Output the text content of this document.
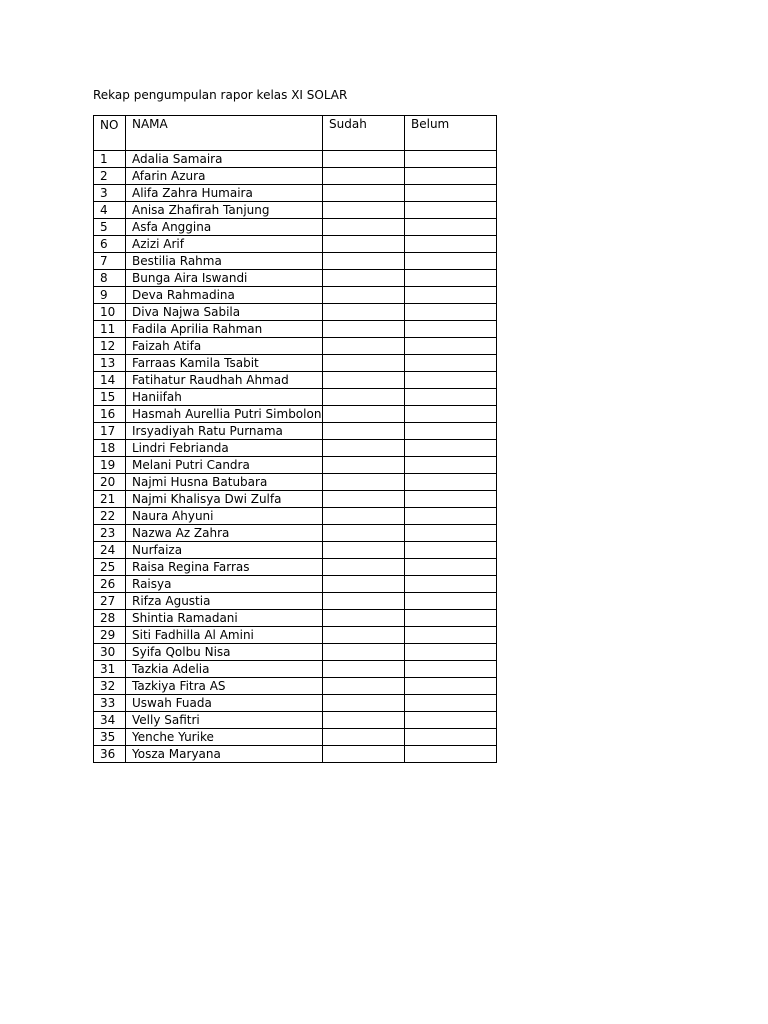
Rekap pengumpulan rapor kelas XI SOLAR
NO	NAMA	Sudah	Belum
1	Adalia Samaira		
2	Afarin Azura		
3	Alifa Zahra Humaira		
4	Anisa Zhafirah Tanjung		
5	Asfa Anggina		
6	Azizi Arif		
7	Bestilia Rahma		
8	Bunga Aira Iswandi		
9	Deva Rahmadina		
10	Diva Najwa Sabila		
11	Fadila Aprilia Rahman		
12	Faizah Atifa		
13	Farraas Kamila Tsabit		
14	Fatihatur Raudhah Ahmad		
15	Haniifah		
16	Hasmah Aurellia Putri Simbolon		
17	Irsyadiyah Ratu Purnama		
18	Lindri Febrianda		
19	Melani Putri Candra		
20	Najmi Husna Batubara		
21	Najmi Khalisya Dwi Zulfa		
22	Naura Ahyuni		
23	Nazwa Az Zahra		
24	Nurfaiza		
25	Raisa Regina Farras		
26	Raisya		
27	Rifza Agustia		
28	Shintia Ramadani		
29	Siti Fadhilla Al Amini		
30	Syifa Qolbu Nisa		
31	Tazkia Adelia		
32	Tazkiya Fitra AS		
33	Uswah Fuada		
34	Velly Safitri		
35	Yenche Yurike		
36	Yosza Maryana		
